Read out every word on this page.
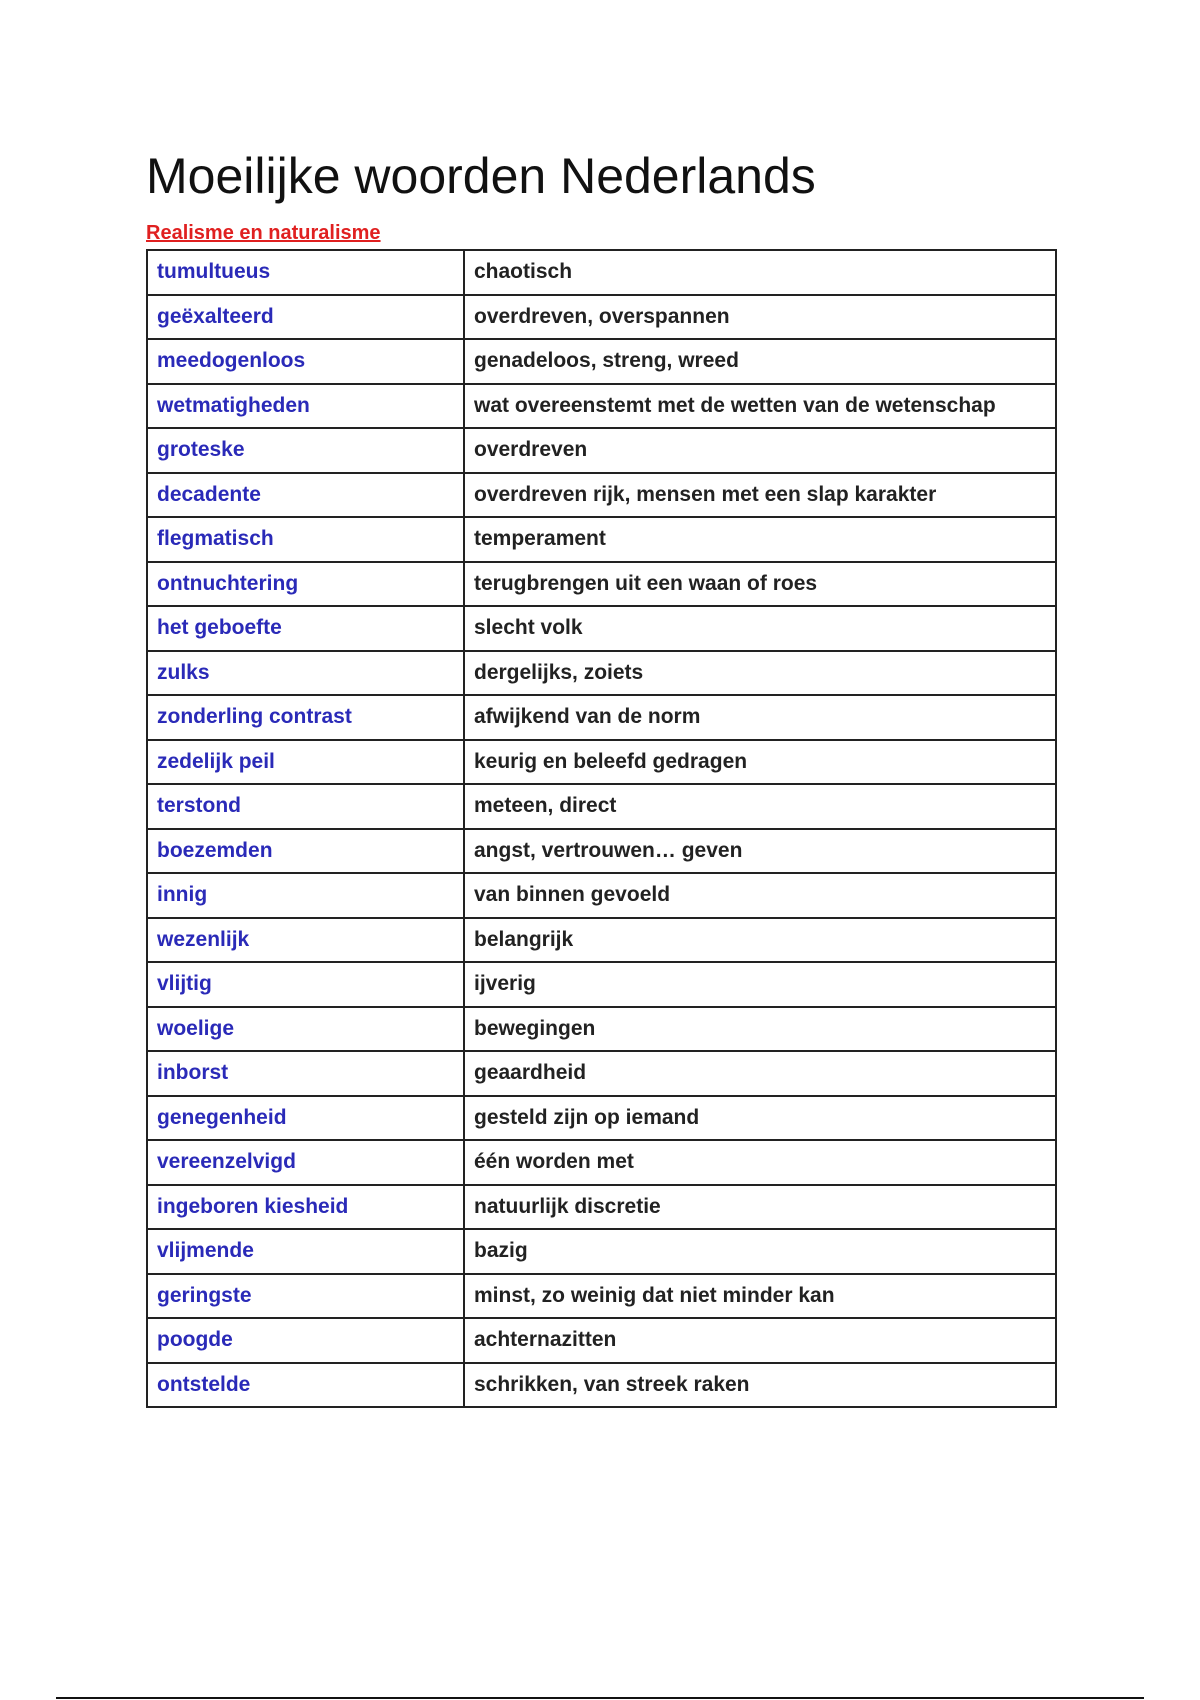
Moeilijke woorden Nederlands
Realisme en naturalisme
tumultueus	chaotisch
geëxalteerd	overdreven, overspannen
meedogenloos	genadeloos, streng, wreed
wetmatigheden	wat overeenstemt met de wetten van de wetenschap
groteske	overdreven
decadente	overdreven rijk, mensen met een slap karakter
flegmatisch	temperament
ontnuchtering	terugbrengen uit een waan of roes
het geboefte	slecht volk
zulks	dergelijks, zoiets
zonderling contrast	afwijkend van de norm
zedelijk peil	keurig en beleefd gedragen
terstond	meteen, direct
boezemden	angst, vertrouwen… geven
innig	van binnen gevoeld
wezenlijk	belangrijk
vlijtig	ijverig
woelige	bewegingen
inborst	geaardheid
genegenheid	gesteld zijn op iemand
vereenzelvigd	één worden met
ingeboren kiesheid	natuurlijk discretie
vlijmende	bazig
geringste	minst, zo weinig dat niet minder kan
poogde	achternazitten
ontstelde	schrikken, van streek raken
